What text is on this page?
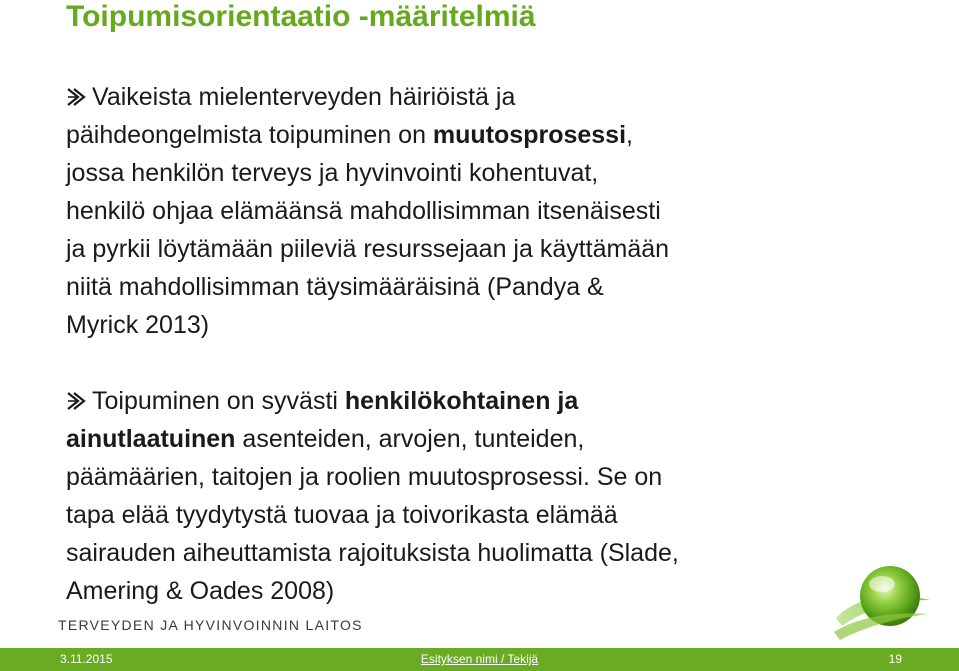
Toipumisorientaatio -määritelmiä
Vaikeista mielenterveyden häiriöistä ja
päihdeongelmista toipuminen on muutosprosessi,
jossa henkilön terveys ja hyvinvointi kohentuvat,
henkilö ohjaa elämäänsä mahdollisimman itsenäisesti
ja pyrkii löytämään piileviä resurssejaan ja käyttämään
niitä mahdollisimman täysimääräisinä (Pandya &
Myrick 2013)
Toipuminen on syvästi henkilökohtainen ja
ainutlaatuinen asenteiden, arvojen, tunteiden,
päämäärien, taitojen ja roolien muutosprosessi. Se on
tapa elää tyydytystä tuovaa ja toivorikasta elämää
sairauden aiheuttamista rajoituksista huolimatta (Slade,
Amering & Oades 2008)
TERVEYDEN JA HYVINVOINNIN LAITOS
3.11.2015	Esityksen nimi / Tekijä	19
